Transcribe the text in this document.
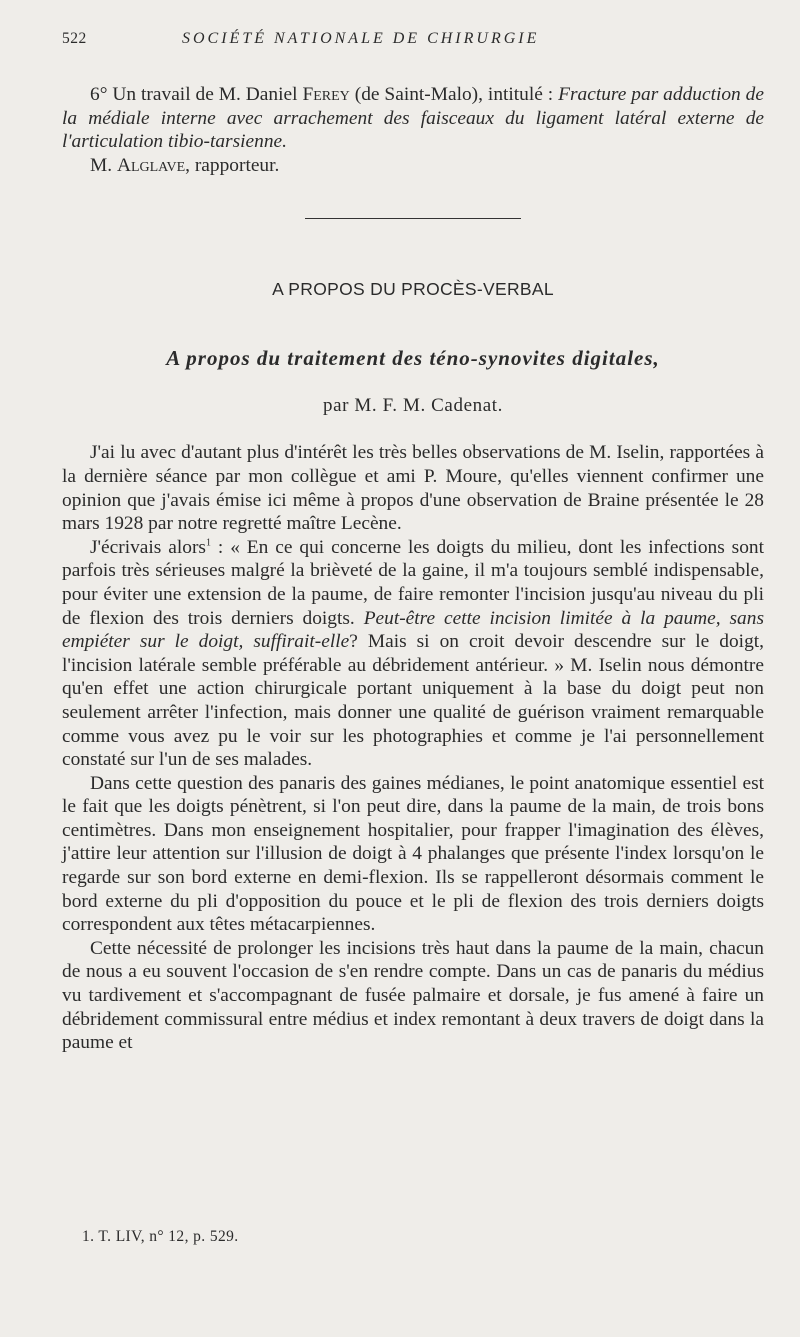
522	SOCIÉTÉ NATIONALE DE CHIRURGIE

6° Un travail de M. Daniel Ferey (de Saint-Malo), intitulé : Fracture par adduction de la médiale interne avec arrachement des faisceaux du ligament latéral externe de l'articulation tibio-tarsienne.

M. Alglave, rapporteur.

A PROPOS DU PROCÈS-VERBAL
A propos du traitement des téno-synovites digitales,
par M. F. M. Cadenat.

J'ai lu avec d'autant plus d'intérêt les très belles observations de M. Iselin, rapportées à la dernière séance par mon collègue et ami P. Moure, qu'elles viennent confirmer une opinion que j'avais émise ici même à propos d'une observation de Braine présentée le 28 mars 1928 par notre regretté maître Lecène.

J'écrivais alors$^1$ : « En ce qui concerne les doigts du milieu, dont les infections sont parfois très sérieuses malgré la brièveté de la gaine, il m'a toujours semblé indispensable, pour éviter une extension de la paume, de faire remonter l'incision jusqu'au niveau du pli de flexion des trois derniers doigts. Peut-être cette incision limitée à la paume, sans empiéter sur le doigt, suffirait-elle? Mais si on croit devoir descendre sur le doigt, l'incision latérale semble préférable au débridement antérieur. » M. Iselin nous démontre qu'en effet une action chirurgicale portant uniquement à la base du doigt peut non seulement arrêter l'infection, mais donner une qualité de guérison vraiment remarquable comme vous avez pu le voir sur les photographies et comme je l'ai personnellement constaté sur l'un de ses malades.

Dans cette question des panaris des gaines médianes, le point anatomique essentiel est le fait que les doigts pénètrent, si l'on peut dire, dans la paume de la main, de trois bons centimètres. Dans mon enseignement hospitalier, pour frapper l'imagination des élèves, j'attire leur attention sur l'illusion de doigt à 4 phalanges que présente l'index lorsqu'on le regarde sur son bord externe en demi-flexion. Ils se rappelleront désormais comment le bord externe du pli d'opposition du pouce et le pli de flexion des trois derniers doigts correspondent aux têtes métacarpiennes.

Cette nécessité de prolonger les incisions très haut dans la paume de la main, chacun de nous a eu souvent l'occasion de s'en rendre compte. Dans un cas de panaris du médius vu tardivement et s'accompagnant de fusée palmaire et dorsale, je fus amené à faire un débridement commissural entre médius et index remontant à deux travers de doigt dans la paume et

1. T. LIV, n° 12, p. 529.
